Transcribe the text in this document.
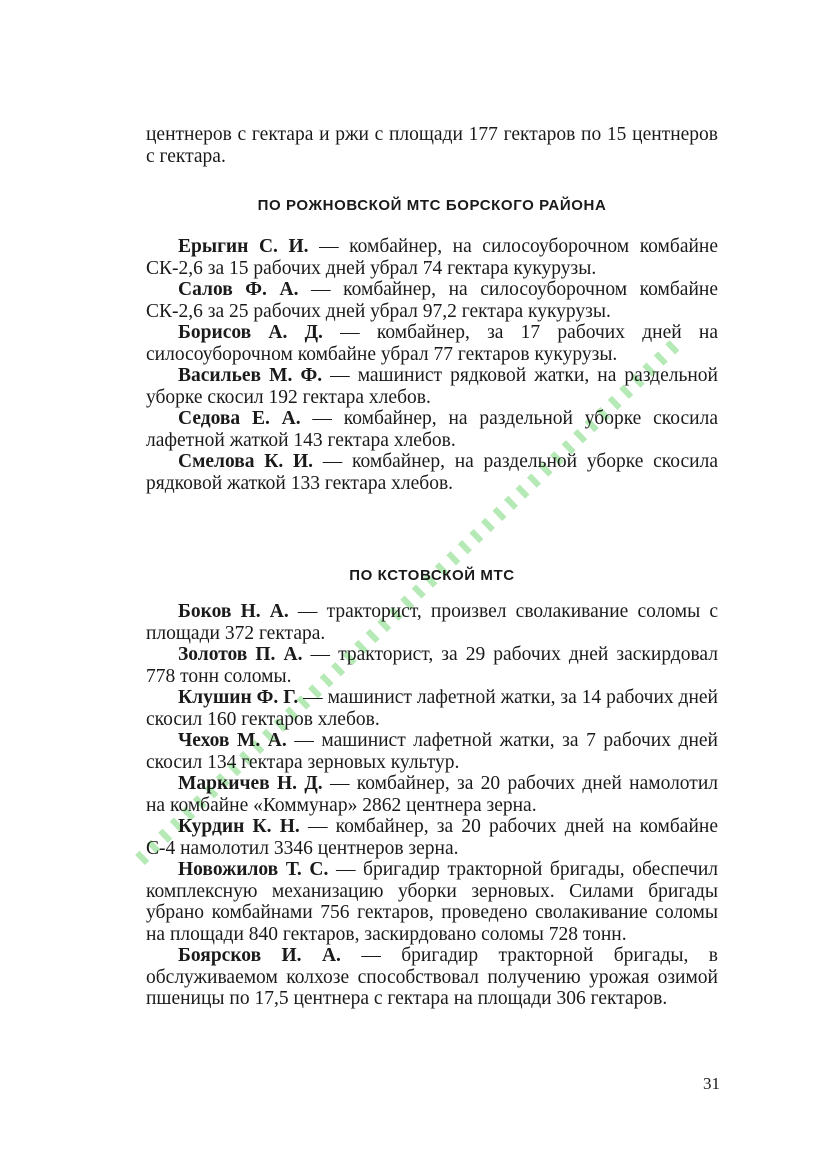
центнеров с гектара и ржи с площади 177 гектаров по 15 центнеров с гектара.

ПО РОЖНОВСКОЙ МТС БОРСКОГО РАЙОНА

Ерыгин С. И. — комбайнер, на силосоуборочном комбайне СК-2,6 за 15 рабочих дней убрал 74 гектара кукурузы.

Салов Ф. А. — комбайнер, на силосоуборочном комбайне СК-2,6 за 25 рабочих дней убрал 97,2 гектара кукурузы.

Борисов А. Д. — комбайнер, за 17 рабочих дней на силосоуборочном комбайне убрал 77 гектаров кукурузы.

Васильев М. Ф. — машинист рядковой жатки, на раздельной уборке скосил 192 гектара хлебов.

Седова Е. А. — комбайнер, на раздельной уборке скосила лафетной жаткой 143 гектара хлебов.

Смелова К. И. — комбайнер, на раздельной уборке скосила рядковой жаткой 133 гектара хлебов.

ПО КСТОВСКОЙ МТС

Боков Н. А. — тракторист, произвел сволакивание соломы с площади 372 гектара.

Золотов П. А. — тракторист, за 29 рабочих дней заскирдовал 778 тонн соломы.

Клушин Ф. Г. — машинист лафетной жатки, за 14 рабочих дней скосил 160 гектаров хлебов.

Чехов М. А. — машинист лафетной жатки, за 7 рабочих дней скосил 134 гектара зерновых культур.

Маркичев Н. Д. — комбайнер, за 20 рабочих дней намолотил на комбайне «Коммунар» 2862 центнера зерна.

Курдин К. Н. — комбайнер, за 20 рабочих дней на комбайне С-4 намолотил 3346 центнеров зерна.

Новожилов Т. С. — бригадир тракторной бригады, обеспечил комплексную механизацию уборки зерновых. Силами бригады убрано комбайнами 756 гектаров, проведено сволакивание соломы на площади 840 гектаров, заскирдовано соломы 728 тонн.

Боярсков И. А. — бригадир тракторной бригады, в обслуживаемом колхозе способствовал получению урожая озимой пшеницы по 17,5 центнера с гектара на площади 306 гектаров.

31
